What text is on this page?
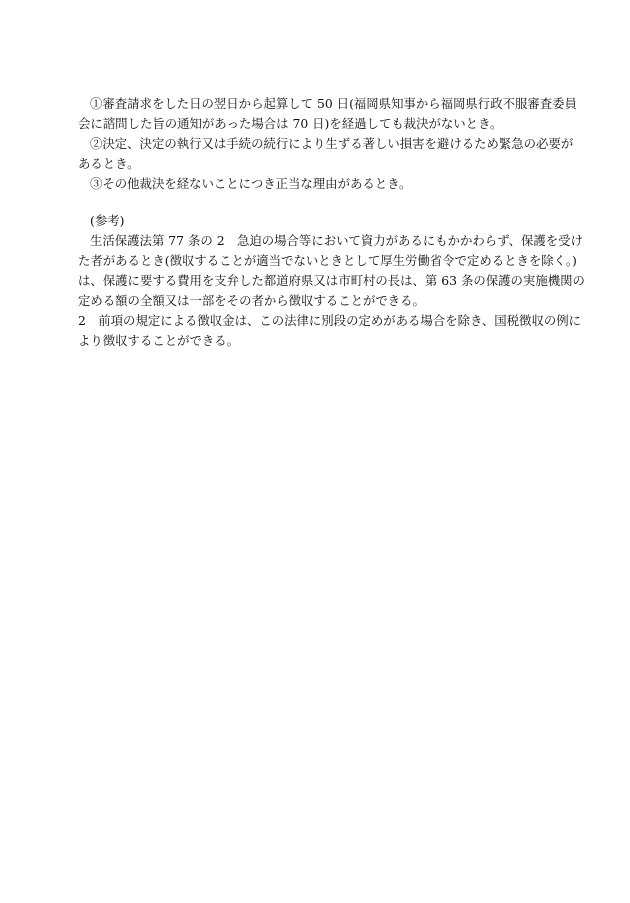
①審査請求をした日の翌日から起算して 50 日(福岡県知事から福岡県行政不服審査委員

会に諮問した旨の通知があった場合は 70 日)を経過しても裁決がないとき。

②決定、決定の執行又は手続の続行により生ずる著しい損害を避けるため緊急の必要が

あるとき。

③その他裁決を経ないことにつき正当な理由があるとき。

(参考)

生活保護法第 77 条の 2　急迫の場合等において資力があるにもかかわらず、保護を受け

た者があるとき(徴収することが適当でないときとして厚生労働省令で定めるときを除く。)

は、保護に要する費用を支弁した都道府県又は市町村の長は、第 63 条の保護の実施機関の

定める額の全額又は一部をその者から徴収することができる。

2　前項の規定による徴収金は、この法律に別段の定めがある場合を除き、国税徴収の例に

より徴収することができる。
